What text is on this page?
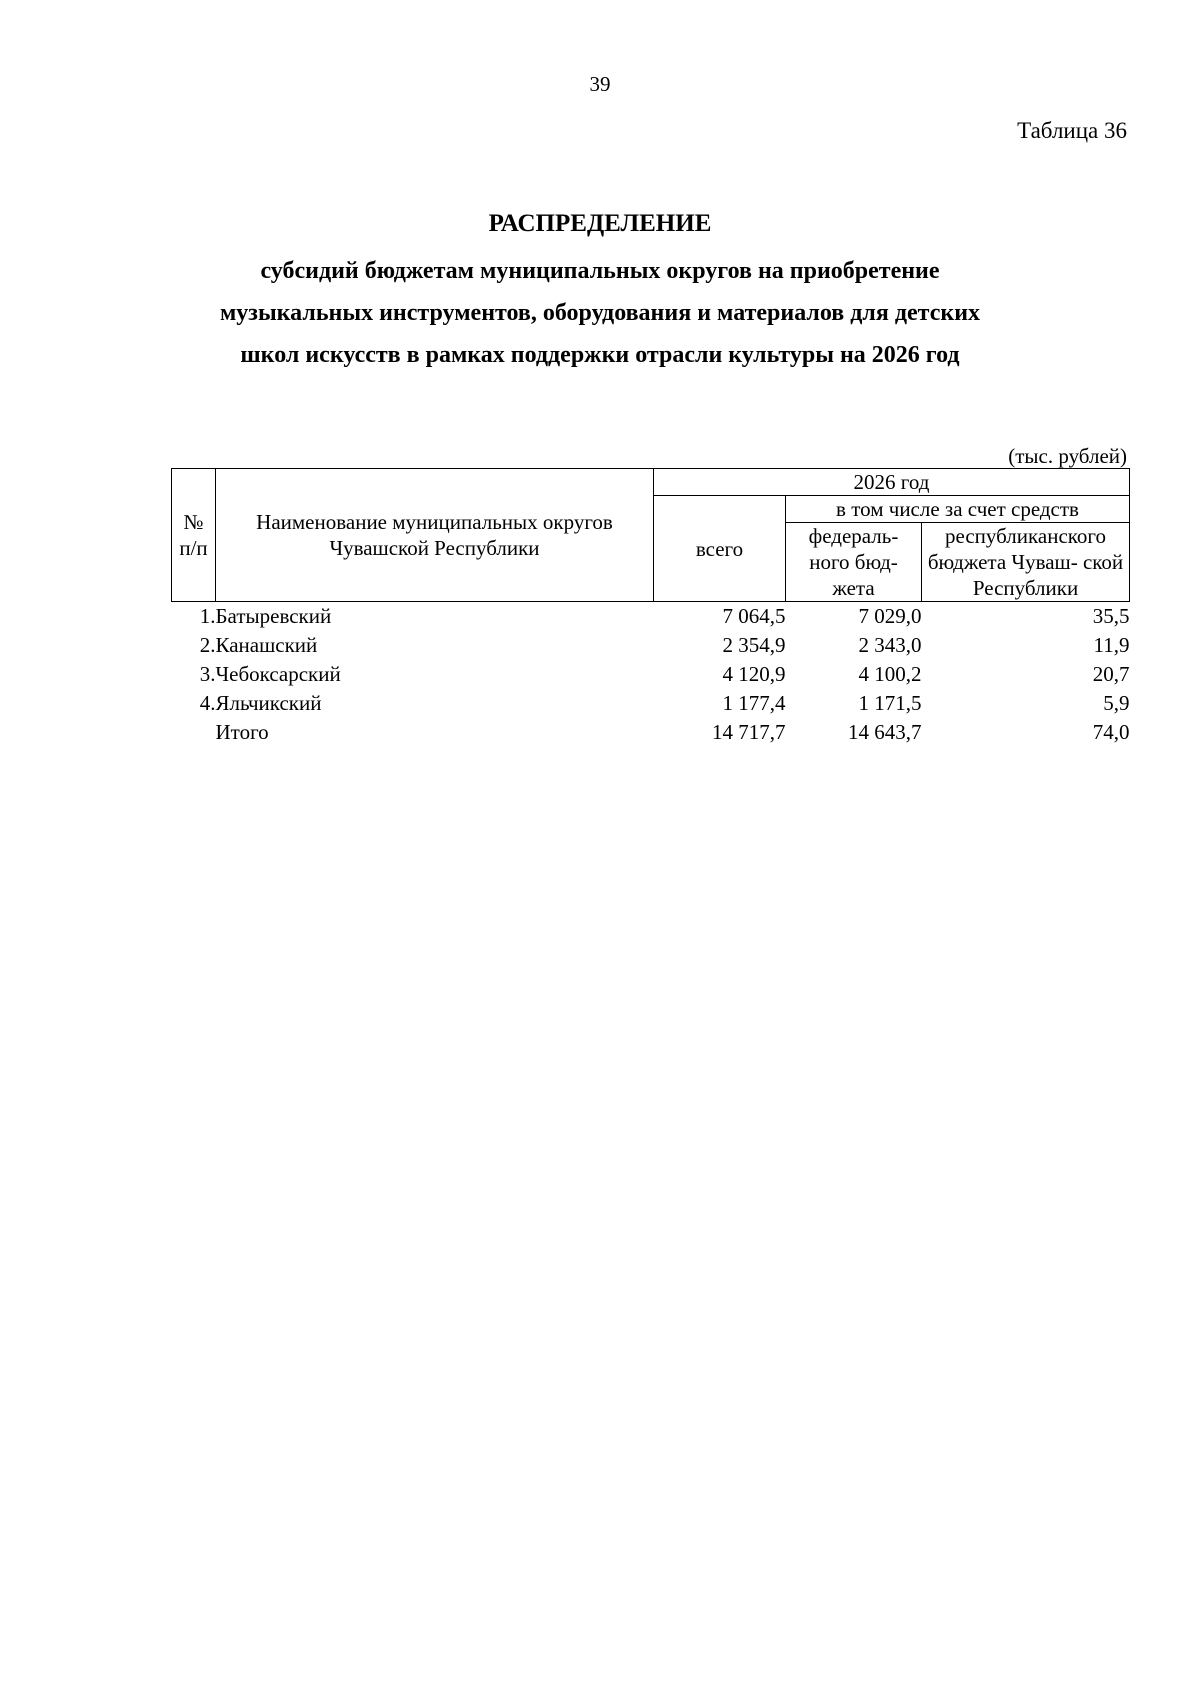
39
Таблица 36
РАСПРЕДЕЛЕНИЕ
субсидий бюджетам муниципальных округов на приобретение
музыкальных инструментов, оборудования и материалов для детских
школ искусств в рамках поддержки отрасли культуры на 2026 год
(тыс. рублей)
№ п/п	Наименование муниципальных округов Чувашской Республики	2026 год		
		всего	в том числе за счет средств	
			федераль- ного бюд- жета	республиканского бюджета Чуваш- ской Республики
1.	Батыревский	7 064,5	7 029,0	35,5
2.	Канашский	2 354,9	2 343,0	11,9
3.	Чебоксарский	4 120,9	4 100,2	20,7
4.	Яльчикский	1 177,4	1 171,5	5,9
	Итого	14 717,7	14 643,7	74,0
